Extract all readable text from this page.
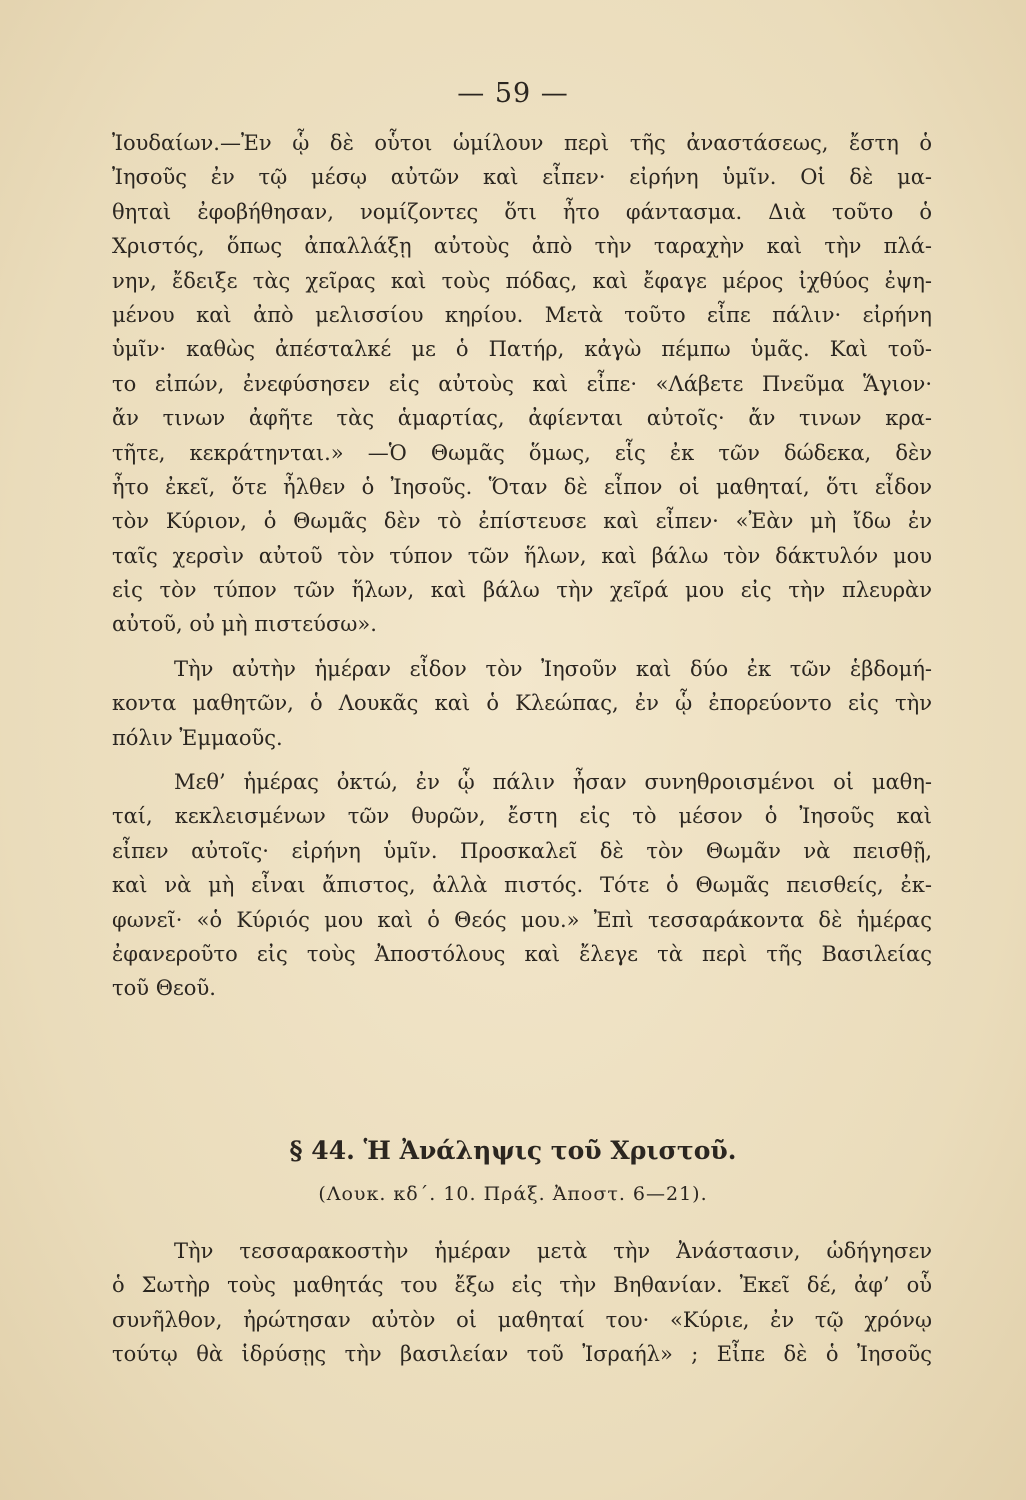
— 59 —
Ἰουδαίων.—Ἐν ᾧ δὲ οὗτοι ὡμίλουν περὶ τῆς ἀναστάσεως, ἔστη ὁ
Ἰησοῦς ἐν τῷ μέσῳ αὐτῶν καὶ εἶπεν· εἰρήνη ὑμῖν. Οἱ δὲ μα-
θηταὶ ἐφοβήθησαν, νομίζοντες ὅτι ἦτο φάντασμα. Διὰ τοῦτο ὁ
Χριστός, ὅπως ἀπαλλάξῃ αὐτοὺς ἀπὸ τὴν ταραχὴν καὶ τὴν πλά-
νην, ἔδειξε τὰς χεῖρας καὶ τοὺς πόδας, καὶ ἔφαγε μέρος ἰχθύος ἐψη-
μένου καὶ ἀπὸ μελισσίου κηρίου. Μετὰ τοῦτο εἶπε πάλιν· εἰρήνη
ὑμῖν· καθὼς ἀπέσταλκέ με ὁ Πατήρ, κἀγὼ πέμπω ὑμᾶς. Καὶ τοῦ-
το εἰπών, ἐνεφύσησεν εἰς αὐτοὺς καὶ εἶπε· «Λάβετε Πνεῦμα Ἅγιον·
ἄν τινων ἀφῆτε τὰς ἁμαρτίας, ἀφίενται αὐτοῖς· ἄν τινων κρα-
τῆτε, κεκράτηνται.» —Ὁ Θωμᾶς ὅμως, εἷς ἐκ τῶν δώδεκα, δὲν
ἦτο ἐκεῖ, ὅτε ἦλθεν ὁ Ἰησοῦς. Ὅταν δὲ εἶπον οἱ μαθηταί, ὅτι εἶδον
τὸν Κύριον, ὁ Θωμᾶς δὲν τὸ ἐπίστευσε καὶ εἶπεν· «Ἐὰν μὴ ἴδω ἐν
ταῖς χερσὶν αὐτοῦ τὸν τύπον τῶν ἥλων, καὶ βάλω τὸν δάκτυλόν μου
εἰς τὸν τύπον τῶν ἥλων, καὶ βάλω τὴν χεῖρά μου εἰς τὴν πλευρὰν
αὐτοῦ, οὐ μὴ πιστεύσω».
Τὴν αὐτὴν ἡμέραν εἶδον τὸν Ἰησοῦν καὶ δύο ἐκ τῶν ἑβδομή-
κοντα μαθητῶν, ὁ Λουκᾶς καὶ ὁ Κλεώπας, ἐν ᾧ ἐπορεύοντο εἰς τὴν
πόλιν Ἐμμαοῦς.
Μεθ’ ἡμέρας ὀκτώ, ἐν ᾧ πάλιν ἦσαν συνηθροισμένοι οἱ μαθη-
ταί, κεκλεισμένων τῶν θυρῶν, ἔστη εἰς τὸ μέσον ὁ Ἰησοῦς καὶ
εἶπεν αὐτοῖς· εἰρήνη ὑμῖν. Προσκαλεῖ δὲ τὸν Θωμᾶν νὰ πεισθῇ,
καὶ νὰ μὴ εἶναι ἄπιστος, ἀλλὰ πιστός. Τότε ὁ Θωμᾶς πεισθείς, ἐκ-
φωνεῖ· «ὁ Κύριός μου καὶ ὁ Θεός μου.» Ἐπὶ τεσσαράκοντα δὲ ἡμέρας
ἐφανεροῦτο εἰς τοὺς Ἀποστόλους καὶ ἔλεγε τὰ περὶ τῆς Βασιλείας
τοῦ Θεοῦ.
§ 44. Ἡ Ἀνάληψις τοῦ Χριστοῦ.
(Λουκ. κδ΄. 10. Πράξ. Ἀποστ. 6—21).
Τὴν τεσσαρακοστὴν ἡμέραν μετὰ τὴν Ἀνάστασιν, ὡδήγησεν
ὁ Σωτὴρ τοὺς μαθητάς του ἔξω εἰς τὴν Βηθανίαν. Ἐκεῖ δέ, ἀφ’ οὗ
συνῆλθον, ἠρώτησαν αὐτὸν οἱ μαθηταί του· «Κύριε, ἐν τῷ χρόνῳ
τούτῳ θὰ ἱδρύσῃς τὴν βασιλείαν τοῦ Ἰσραήλ» ; Εἶπε δὲ ὁ Ἰησοῦς
